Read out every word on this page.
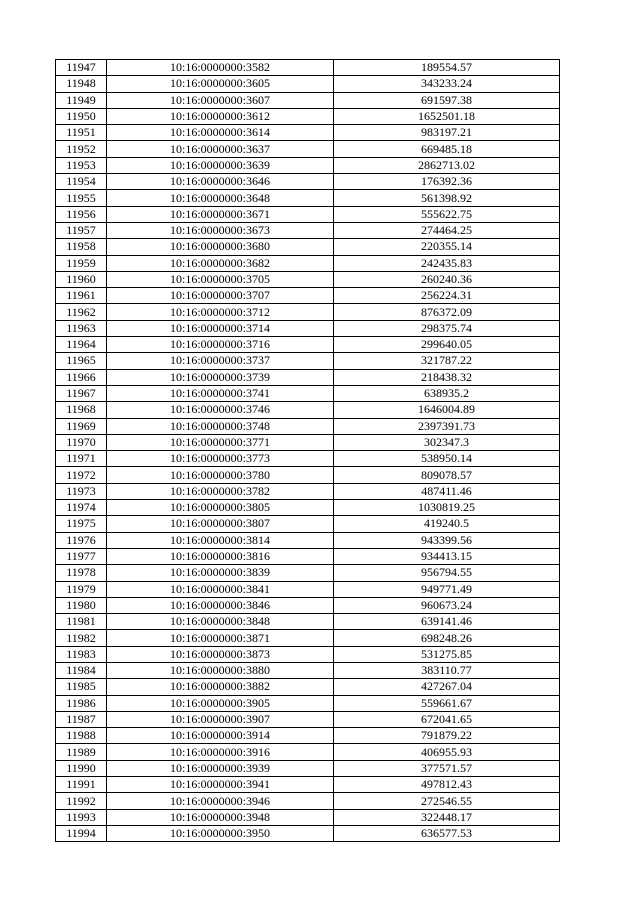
11947	10:16:0000000:3582	189554.57
11948	10:16:0000000:3605	343233.24
11949	10:16:0000000:3607	691597.38
11950	10:16:0000000:3612	1652501.18
11951	10:16:0000000:3614	983197.21
11952	10:16:0000000:3637	669485.18
11953	10:16:0000000:3639	2862713.02
11954	10:16:0000000:3646	176392.36
11955	10:16:0000000:3648	561398.92
11956	10:16:0000000:3671	555622.75
11957	10:16:0000000:3673	274464.25
11958	10:16:0000000:3680	220355.14
11959	10:16:0000000:3682	242435.83
11960	10:16:0000000:3705	260240.36
11961	10:16:0000000:3707	256224.31
11962	10:16:0000000:3712	876372.09
11963	10:16:0000000:3714	298375.74
11964	10:16:0000000:3716	299640.05
11965	10:16:0000000:3737	321787.22
11966	10:16:0000000:3739	218438.32
11967	10:16:0000000:3741	638935.2
11968	10:16:0000000:3746	1646004.89
11969	10:16:0000000:3748	2397391.73
11970	10:16:0000000:3771	302347.3
11971	10:16:0000000:3773	538950.14
11972	10:16:0000000:3780	809078.57
11973	10:16:0000000:3782	487411.46
11974	10:16:0000000:3805	1030819.25
11975	10:16:0000000:3807	419240.5
11976	10:16:0000000:3814	943399.56
11977	10:16:0000000:3816	934413.15
11978	10:16:0000000:3839	956794.55
11979	10:16:0000000:3841	949771.49
11980	10:16:0000000:3846	960673.24
11981	10:16:0000000:3848	639141.46
11982	10:16:0000000:3871	698248.26
11983	10:16:0000000:3873	531275.85
11984	10:16:0000000:3880	383110.77
11985	10:16:0000000:3882	427267.04
11986	10:16:0000000:3905	559661.67
11987	10:16:0000000:3907	672041.65
11988	10:16:0000000:3914	791879.22
11989	10:16:0000000:3916	406955.93
11990	10:16:0000000:3939	377571.57
11991	10:16:0000000:3941	497812.43
11992	10:16:0000000:3946	272546.55
11993	10:16:0000000:3948	322448.17
11994	10:16:0000000:3950	636577.53
